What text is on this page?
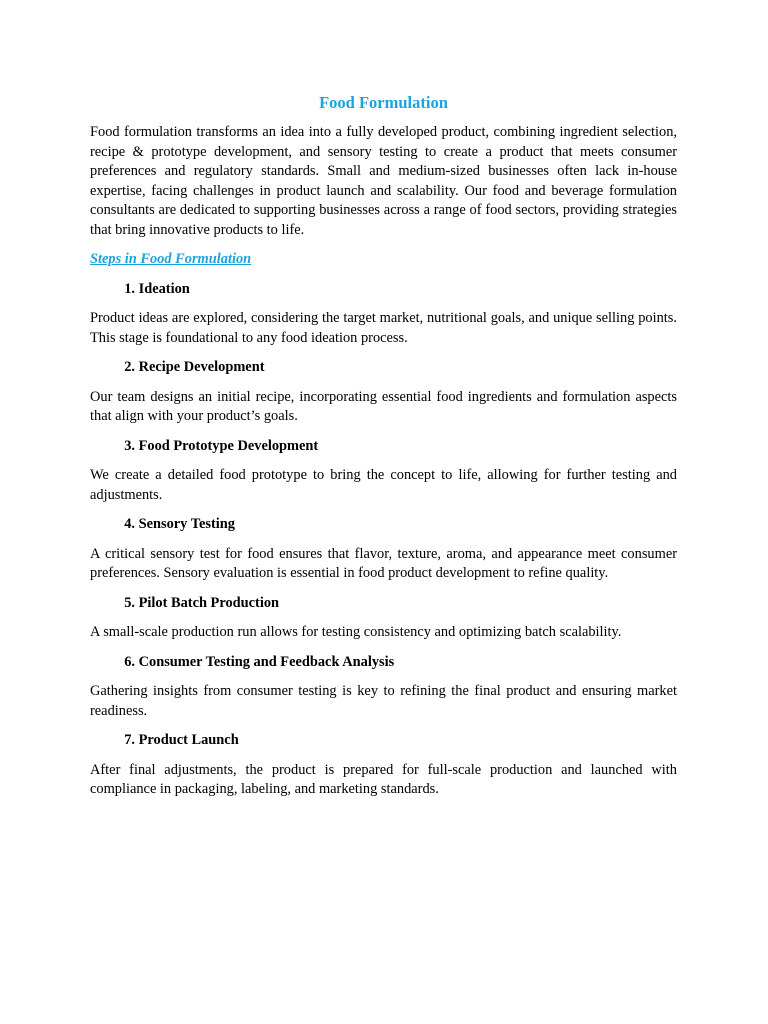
Food Formulation

Food formulation transforms an idea into a fully developed product, combining ingredient selection, recipe & prototype development, and sensory testing to create a product that meets consumer preferences and regulatory standards. Small and medium-sized businesses often lack in-house expertise, facing challenges in product launch and scalability. Our food and beverage formulation consultants are dedicated to supporting businesses across a range of food sectors, providing strategies that bring innovative products to life.

Steps in Food Formulation
1. Ideation

Product ideas are explored, considering the target market, nutritional goals, and unique selling points. This stage is foundational to any food ideation process.

2. Recipe Development

Our team designs an initial recipe, incorporating essential food ingredients and formulation aspects that align with your product’s goals.

3. Food Prototype Development

We create a detailed food prototype to bring the concept to life, allowing for further testing and adjustments.

4. Sensory Testing

A critical sensory test for food ensures that flavor, texture, aroma, and appearance meet consumer preferences. Sensory evaluation is essential in food product development to refine quality.

5. Pilot Batch Production

A small-scale production run allows for testing consistency and optimizing batch scalability.

6. Consumer Testing and Feedback Analysis

Gathering insights from consumer testing is key to refining the final product and ensuring market readiness.

7. Product Launch

After final adjustments, the product is prepared for full-scale production and launched with compliance in packaging, labeling, and marketing standards.
